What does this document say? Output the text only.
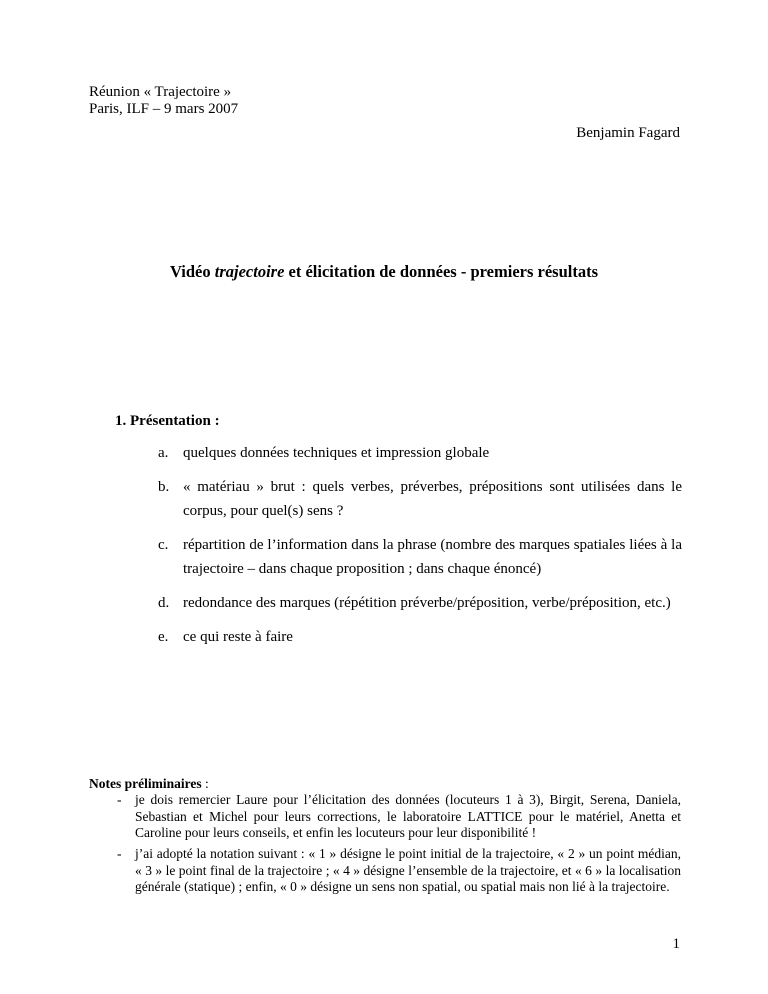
Réunion « Trajectoire »
Paris, ILF – 9 mars 2007
Benjamin Fagard
Vidéo trajectoire et élicitation de données - premiers résultats
1. Présentation :
a. quelques données techniques et impression globale
b. « matériau » brut : quels verbes, préverbes, prépositions sont utilisées dans le corpus, pour quel(s) sens ?
c. répartition de l’information dans la phrase (nombre des marques spatiales liées à la trajectoire – dans chaque proposition ; dans chaque énoncé)
d. redondance des marques (répétition préverbe/préposition, verbe/préposition, etc.)
e. ce qui reste à faire
Notes préliminaires :
-	je dois remercier Laure pour l’élicitation des données (locuteurs 1 à 3), Birgit, Serena, Daniela, Sebastian et Michel pour leurs corrections, le laboratoire LATTICE pour le matériel, Anetta et Caroline pour leurs conseils, et enfin les locuteurs pour leur disponibilité !
-	j’ai adopté la notation suivant : « 1 » désigne le point initial de la trajectoire, « 2 » un point médian, « 3 » le point final de la trajectoire ; « 4 » désigne l’ensemble de la trajectoire, et « 6 » la localisation générale (statique) ; enfin, « 0 » désigne un sens non spatial, ou spatial mais non lié à la trajectoire.
1
